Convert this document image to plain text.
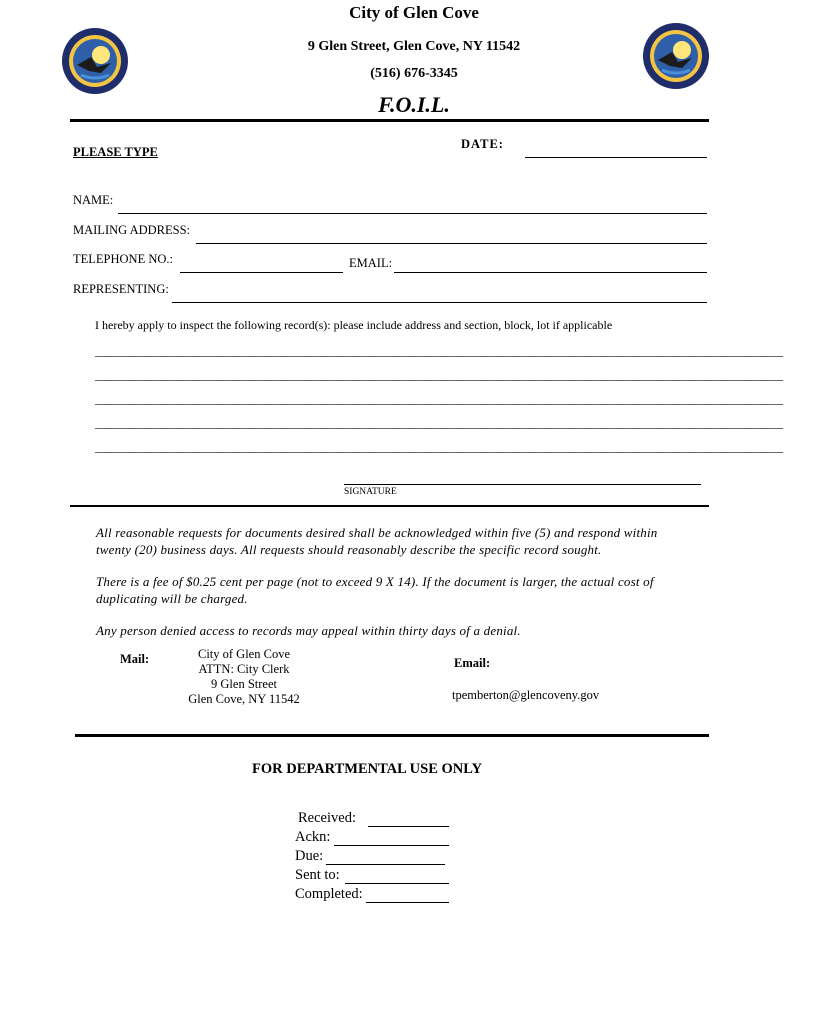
City of Glen Cove
9 Glen Street, Glen Cove, NY 11542
(516) 676-3345
F.O.I.L.
PLEASE TYPE
DATE:
NAME:
MAILING ADDRESS:
TELEPHONE NO.:	EMAIL:
REPRESENTING:
I hereby apply to inspect the following record(s): please include address and section, block, lot if applicable
_____________________________________________________________________________________________________________________________
_____________________________________________________________________________________________________________________________
_____________________________________________________________________________________________________________________________
_____________________________________________________________________________________________________________________________
_____________________________________________________________________________________________________________________________
SIGNATURE
All reasonable requests for documents desired shall be acknowledged within five (5) and respond within twenty (20) business days. All requests should reasonably describe the specific record sought.
There is a fee of $0.25 cent per page (not to exceed 9 X 14). If the document is larger, the actual cost of duplicating will be charged.
Any person denied access to records may appeal within thirty days of a denial.
Mail:	City of Glen Cove
ATTN: City Clerk
9 Glen Street
Glen Cove, NY 11542
Email:
tpemberton@glencoveny.gov
FOR DEPARTMENTAL USE ONLY
Received:
Ackn:
Due:
Sent to:
Completed:
